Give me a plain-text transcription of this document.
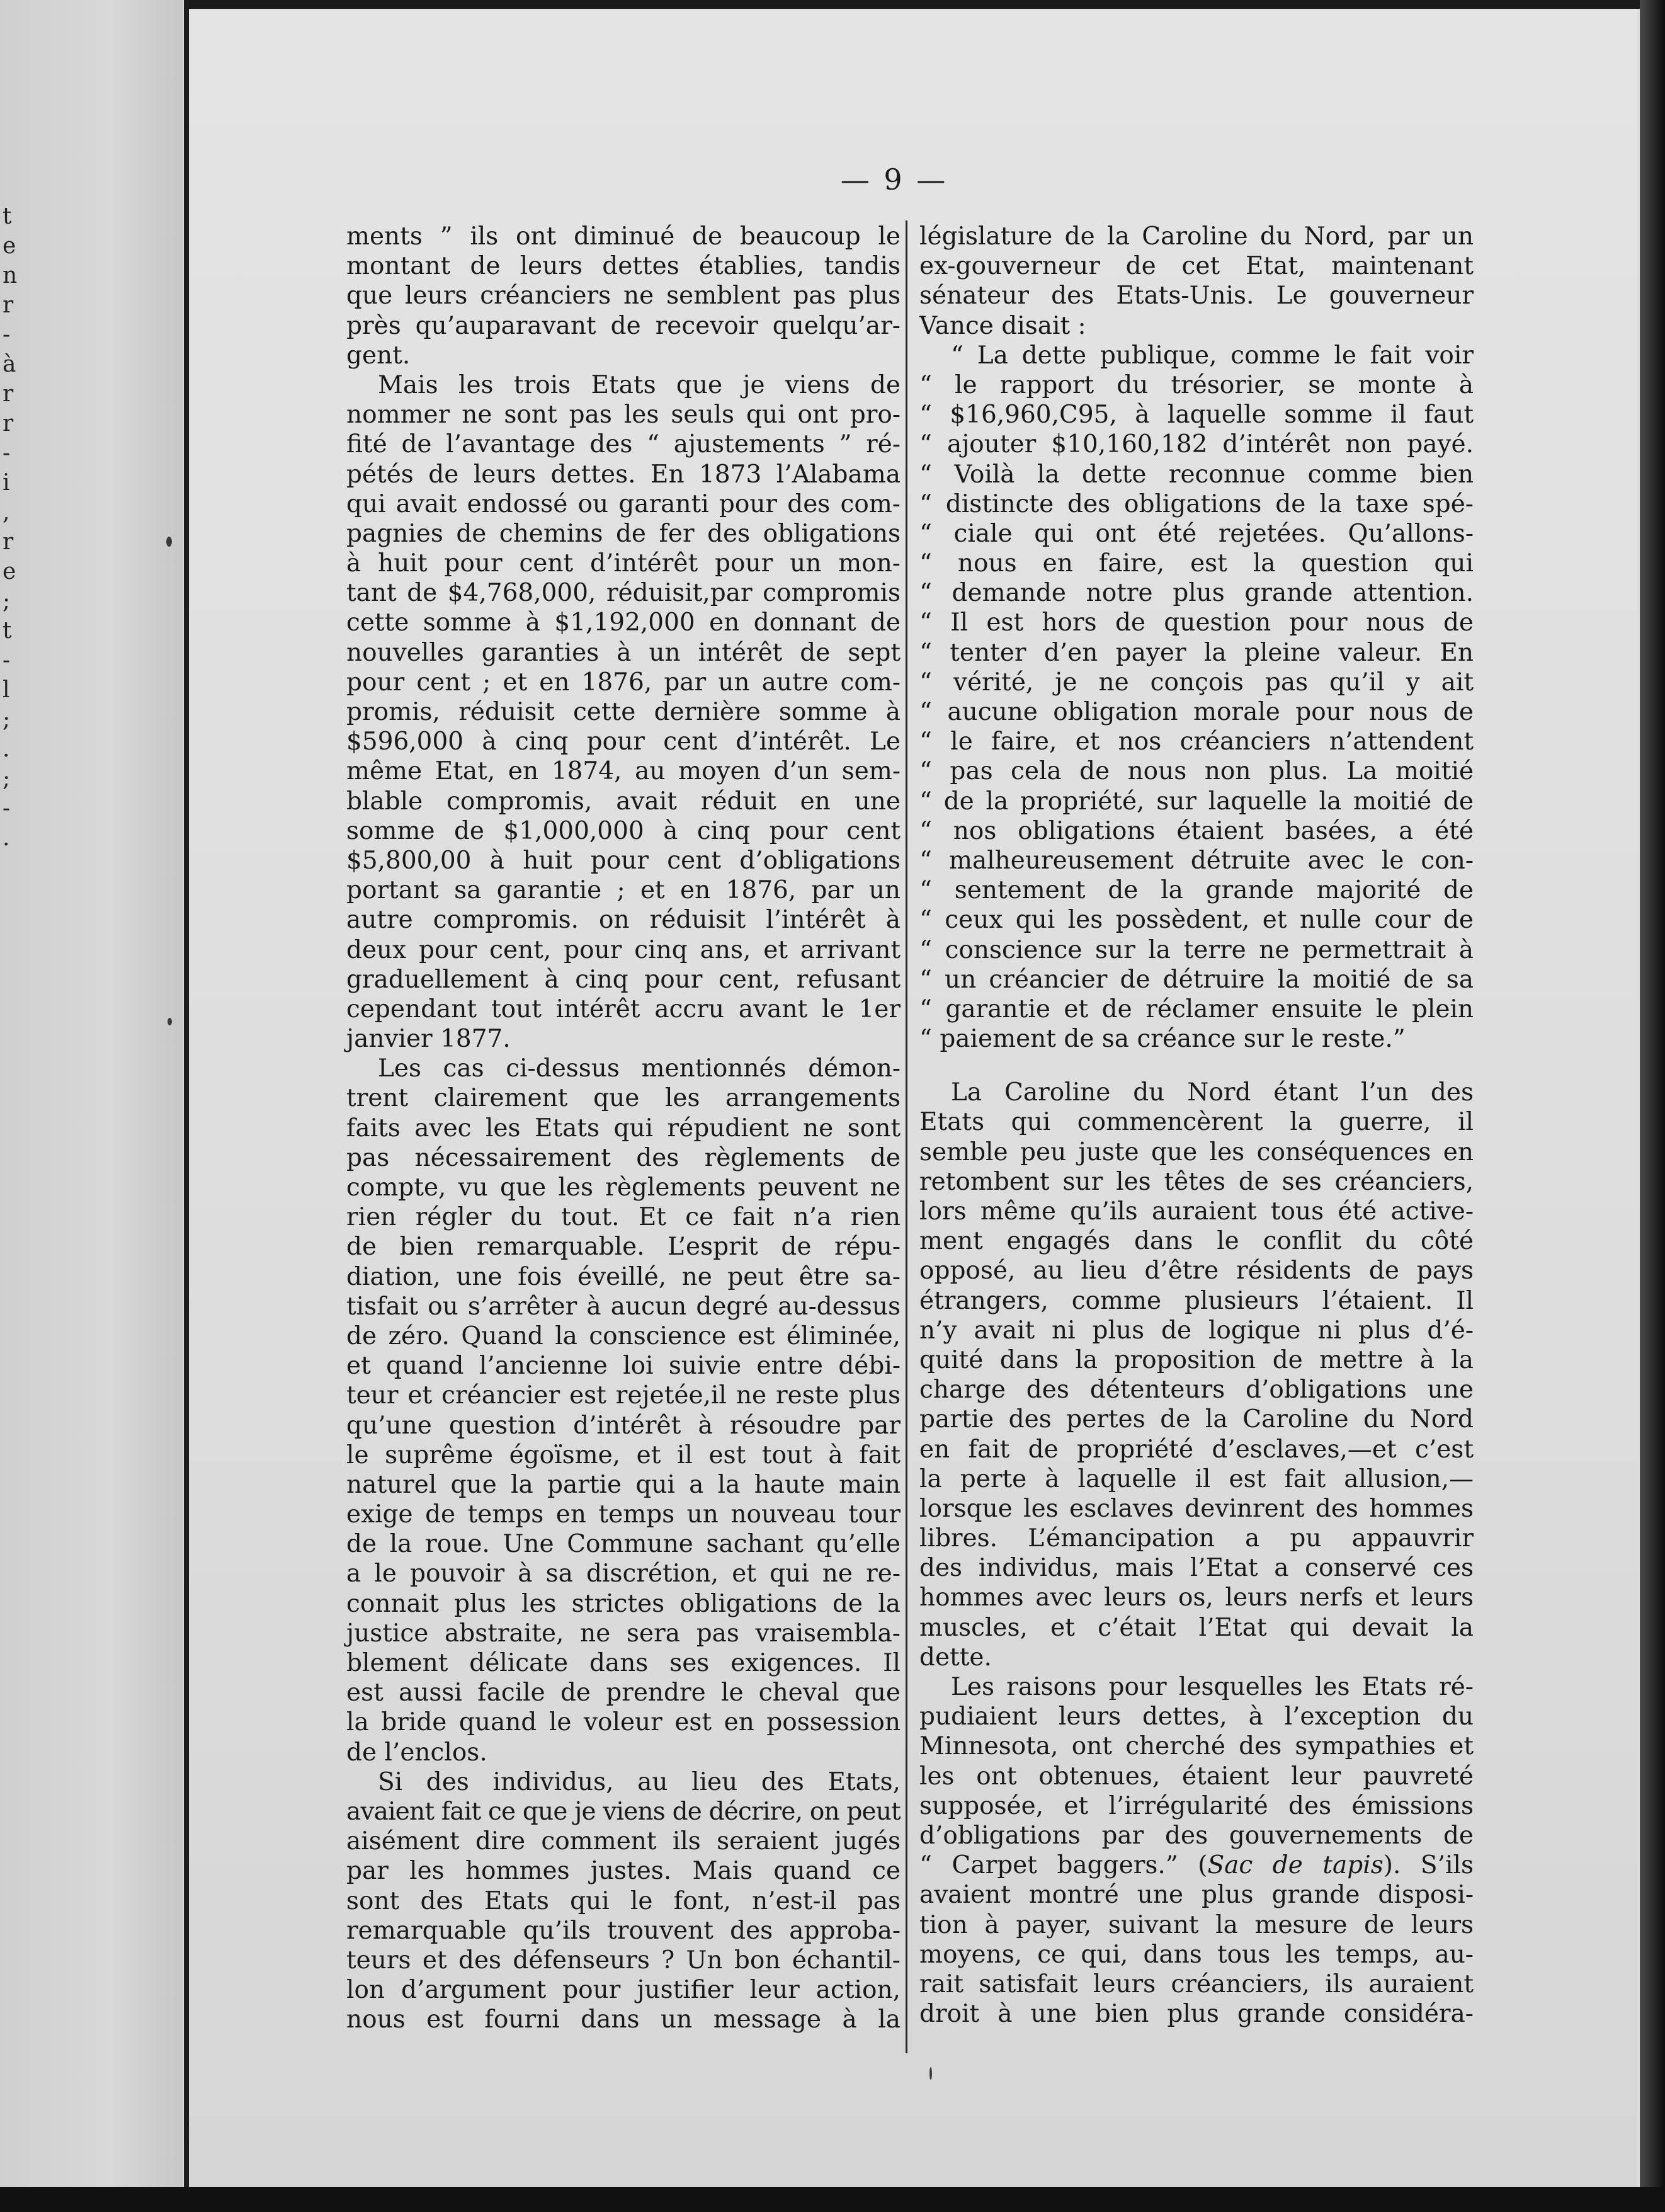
t
e
n
r
-
à
r
r
-
i
,
r
e
;
t
-
l
;
.
;
-
.
— 9 —
ments ” ils ont diminué de beaucoup le
montant de leurs dettes établies, tandis
que leurs créanciers ne semblent pas plus
près qu’auparavant de recevoir quelqu’ar-
gent.
Mais les trois Etats que je viens de
nommer ne sont pas les seuls qui ont pro-
fité de l’avantage des “ ajustements ” ré-
pétés de leurs dettes. En 1873 l’Alabama
qui avait endossé ou garanti pour des com-
pagnies de chemins de fer des obligations
à huit pour cent d’intérêt pour un mon-
tant de $4,768,000, réduisit,par compromis
cette somme à $1,192,000 en donnant de
nouvelles garanties à un intérêt de sept
pour cent ; et en 1876, par un autre com-
promis, réduisit cette dernière somme à
$596,000 à cinq pour cent d’intérêt. Le
même Etat, en 1874, au moyen d’un sem-
blable compromis, avait réduit en une
somme de $1,000,000 à cinq pour cent
$5,800,00 à huit pour cent d’obligations
portant sa garantie ; et en 1876, par un
autre compromis. on réduisit l’intérêt à
deux pour cent, pour cinq ans, et arrivant
graduellement à cinq pour cent, refusant
cependant tout intérêt accru avant le 1er
janvier 1877.
Les cas ci-dessus mentionnés démon-
trent clairement que les arrangements
faits avec les Etats qui répudient ne sont
pas nécessairement des règlements de
compte, vu que les règlements peuvent ne
rien régler du tout. Et ce fait n’a rien
de bien remarquable. L’esprit de répu-
diation, une fois éveillé, ne peut être sa-
tisfait ou s’arrêter à aucun degré au-dessus
de zéro. Quand la conscience est éliminée,
et quand l’ancienne loi suivie entre débi-
teur et créancier est rejetée,il ne reste plus
qu’une question d’intérêt à résoudre par
le suprême égoïsme, et il est tout à fait
naturel que la partie qui a la haute main
exige de temps en temps un nouveau tour
de la roue. Une Commune sachant qu’elle
a le pouvoir à sa discrétion, et qui ne re-
connait plus les strictes obligations de la
justice abstraite, ne sera pas vraisembla-
blement délicate dans ses exigences. Il
est aussi facile de prendre le cheval que
la bride quand le voleur est en possession
de l’enclos.
Si des individus, au lieu des Etats,
avaient fait ce que je viens de décrire, on peut
aisément dire comment ils seraient jugés
par les hommes justes. Mais quand ce
sont des Etats qui le font, n’est-il pas
remarquable qu’ils trouvent des approba-
teurs et des défenseurs ? Un bon échantil-
lon d’argument pour justifier leur action,
nous est fourni dans un message à la
législature de la Caroline du Nord, par un
ex-gouverneur de cet Etat, maintenant
sénateur des Etats-Unis. Le gouverneur
Vance disait :
“ La dette publique, comme le fait voir
“ le rapport du trésorier, se monte à
“ $16,960,C95, à laquelle somme il faut
“ ajouter $10,160,182 d’intérêt non payé.
“ Voilà la dette reconnue comme bien
“ distincte des obligations de la taxe spé-
“ ciale qui ont été rejetées. Qu’allons-
“ nous en faire, est la question qui
“ demande notre plus grande attention.
“ Il est hors de question pour nous de
“ tenter d’en payer la pleine valeur. En
“ vérité, je ne conçois pas qu’il y ait
“ aucune obligation morale pour nous de
“ le faire, et nos créanciers n’attendent
“ pas cela de nous non plus. La moitié
“ de la propriété, sur laquelle la moitié de
“ nos obligations étaient basées, a été
“ malheureusement détruite avec le con-
“ sentement de la grande majorité de
“ ceux qui les possèdent, et nulle cour de
“ conscience sur la terre ne permettrait à
“ un créancier de détruire la moitié de sa
“ garantie et de réclamer ensuite le plein
“ paiement de sa créance sur le reste.”
La Caroline du Nord étant l’un des
Etats qui commencèrent la guerre, il
semble peu juste que les conséquences en
retombent sur les têtes de ses créanciers,
lors même qu’ils auraient tous été active-
ment engagés dans le conflit du côté
opposé, au lieu d’être résidents de pays
étrangers, comme plusieurs l’étaient. Il
n’y avait ni plus de logique ni plus d’é-
quité dans la proposition de mettre à la
charge des détenteurs d’obligations une
partie des pertes de la Caroline du Nord
en fait de propriété d’esclaves,—et c’est
la perte à laquelle il est fait allusion,—
lorsque les esclaves devinrent des hommes
libres. L’émancipation a pu appauvrir
des individus, mais l’Etat a conservé ces
hommes avec leurs os, leurs nerfs et leurs
muscles, et c’était l’Etat qui devait la
dette.
Les raisons pour lesquelles les Etats ré-
pudiaient leurs dettes, à l’exception du
Minnesota, ont cherché des sympathies et
les ont obtenues, étaient leur pauvreté
supposée, et l’irrégularité des émissions
d’obligations par des gouvernements de
“ Carpet baggers.” (Sac de tapis). S’ils
avaient montré une plus grande disposi-
tion à payer, suivant la mesure de leurs
moyens, ce qui, dans tous les temps, au-
rait satisfait leurs créanciers, ils auraient
droit à une bien plus grande considéra-
